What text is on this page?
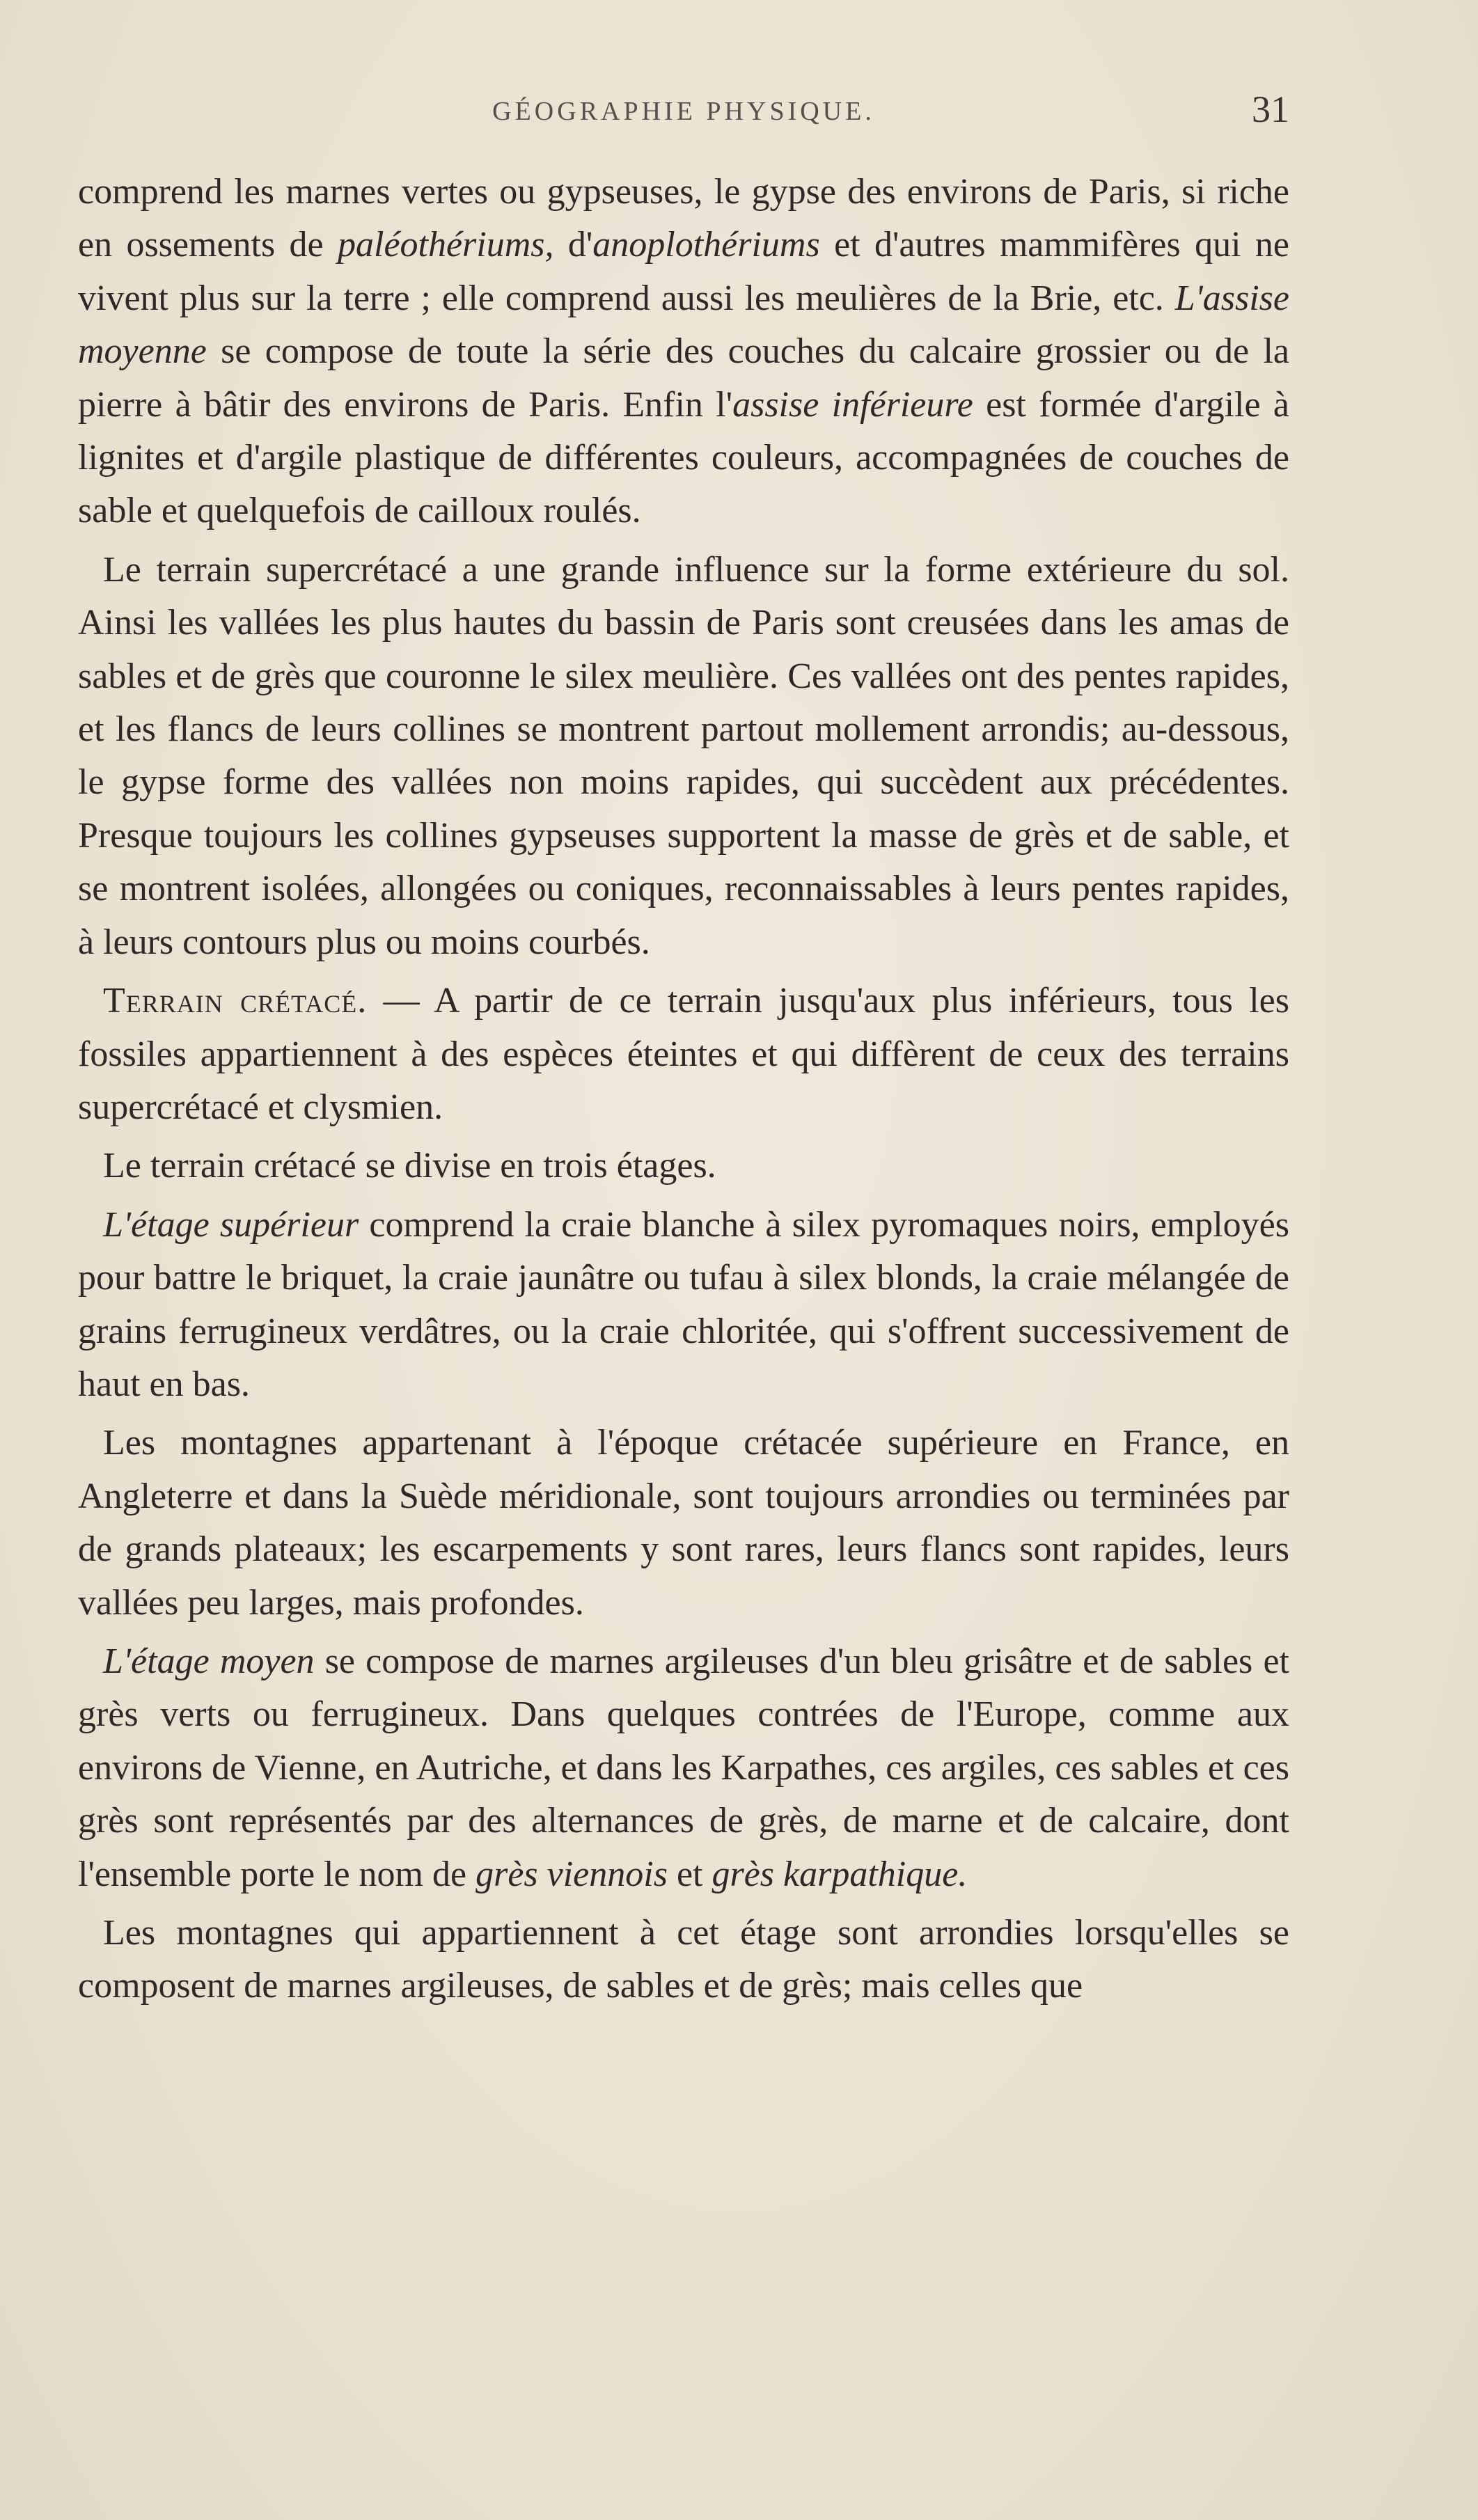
GÉOGRAPHIE PHYSIQUE.	31

comprend les marnes vertes ou gypseuses, le gypse des environs de Paris, si riche en ossements de paléothériums, d'anoplothériums et d'autres mammifères qui ne vivent plus sur la terre ; elle comprend aussi les meulières de la Brie, etc. L'assise moyenne se compose de toute la série des couches du calcaire grossier ou de la pierre à bâtir des environs de Paris. Enfin l'assise inférieure est formée d'argile à lignites et d'argile plastique de différentes couleurs, accompagnées de couches de sable et quelquefois de cailloux roulés.

Le terrain supercrétacé a une grande influence sur la forme extérieure du sol. Ainsi les vallées les plus hautes du bassin de Paris sont creusées dans les amas de sables et de grès que couronne le silex meulière. Ces vallées ont des pentes rapides, et les flancs de leurs collines se montrent partout mollement arrondis; au-dessous, le gypse forme des vallées non moins rapides, qui succèdent aux précédentes. Presque toujours les collines gypseuses supportent la masse de grès et de sable, et se montrent isolées, allongées ou coniques, reconnaissables à leurs pentes rapides, à leurs contours plus ou moins courbés.

Terrain crétacé. — A partir de ce terrain jusqu'aux plus inférieurs, tous les fossiles appartiennent à des espèces éteintes et qui diffèrent de ceux des terrains supercrétacé et clysmien.

Le terrain crétacé se divise en trois étages.

L'étage supérieur comprend la craie blanche à silex pyromaques noirs, employés pour battre le briquet, la craie jaunâtre ou tufau à silex blonds, la craie mélangée de grains ferrugineux verdâtres, ou la craie chloritée, qui s'offrent successivement de haut en bas.

Les montagnes appartenant à l'époque crétacée supérieure en France, en Angleterre et dans la Suède méridionale, sont toujours arrondies ou terminées par de grands plateaux; les escarpements y sont rares, leurs flancs sont rapides, leurs vallées peu larges, mais profondes.

L'étage moyen se compose de marnes argileuses d'un bleu grisâtre et de sables et grès verts ou ferrugineux. Dans quelques contrées de l'Europe, comme aux environs de Vienne, en Autriche, et dans les Karpathes, ces argiles, ces sables et ces grès sont représentés par des alternances de grès, de marne et de calcaire, dont l'ensemble porte le nom de grès viennois et grès karpathique.

Les montagnes qui appartiennent à cet étage sont arrondies lorsqu'elles se composent de marnes argileuses, de sables et de grès; mais celles que
